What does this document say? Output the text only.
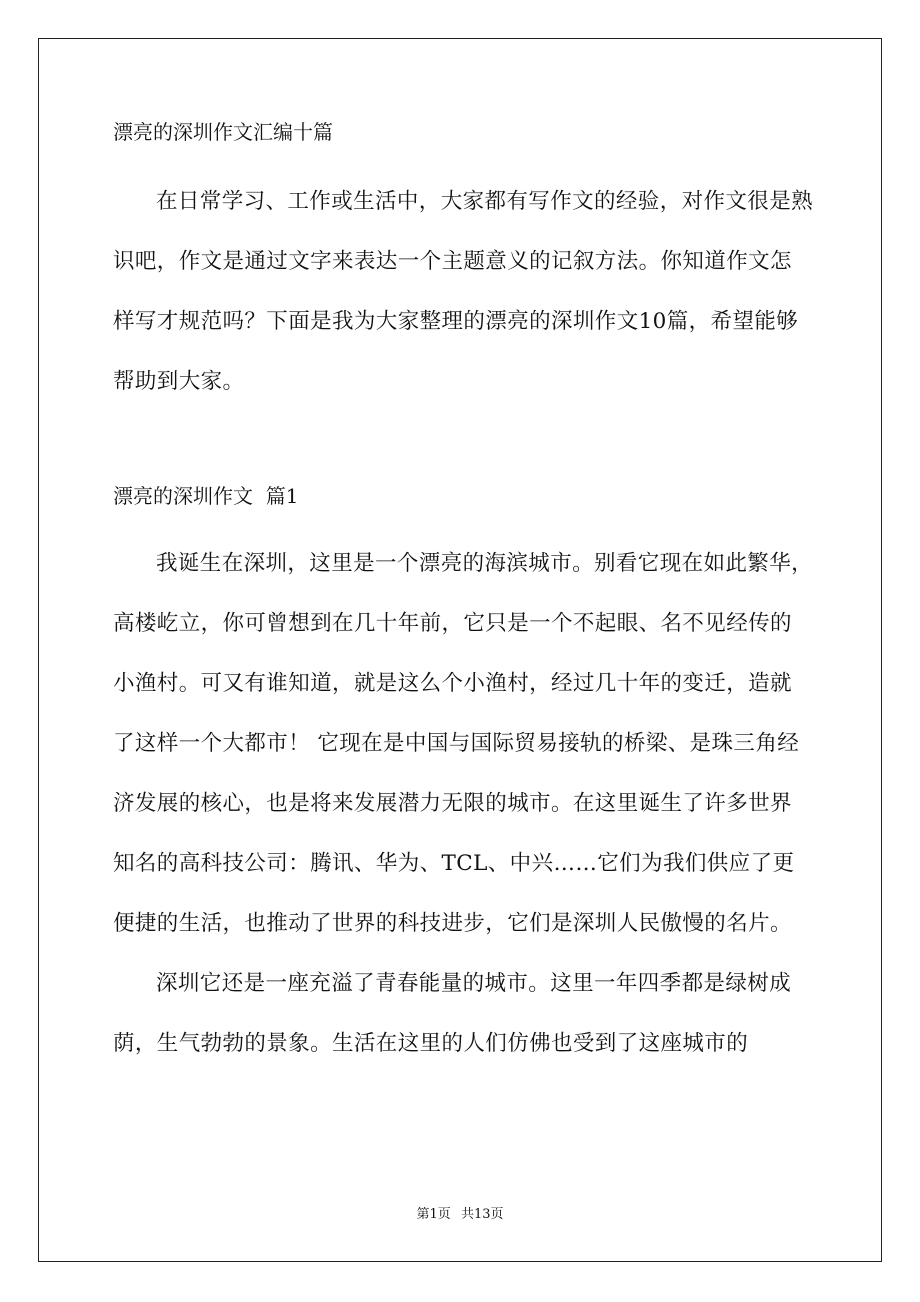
漂亮的深圳作文汇编十篇

在日常学习、工作或生活中，大家都有写作文的经验，对作文很是熟识吧，作文是通过文字来表达一个主题意义的记叙方法。你知道作文怎样写才规范吗？下面是我为大家整理的漂亮的深圳作文10篇，希望能够帮助到大家。

漂亮的深圳作文  篇1

我诞生在深圳，这里是一个漂亮的海滨城市。别看它现在如此繁华，高楼屹立，你可曾想到在几十年前，它只是一个不起眼、名不见经传的小渔村。可又有谁知道，就是这么个小渔村，经过几十年的变迁，造就了这样一个大都市！ 它现在是中国与国际贸易接轨的桥梁、是珠三角经济发展的核心，也是将来发展潜力无限的城市。在这里诞生了许多世界知名的高科技公司：腾讯、华为、TCL、中兴……它们为我们供应了更便捷的生活，也推动了世界的科技进步，它们是深圳人民傲慢的名片。

深圳它还是一座充溢了青春能量的城市。这里一年四季都是绿树成荫，生气勃勃的景象。生活在这里的人们仿佛也受到了这座城市的

第1页 共13页
